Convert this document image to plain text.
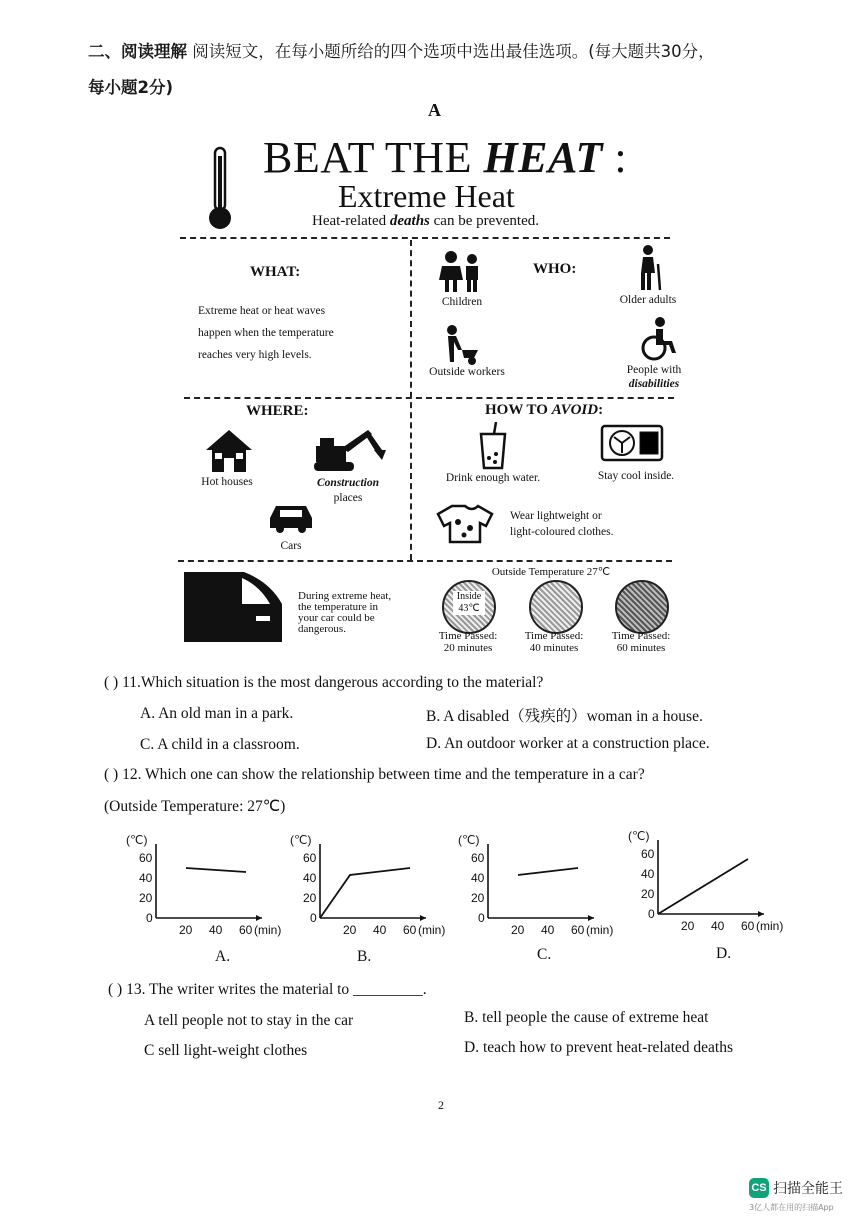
二、阅读理解 阅读短文，在每小题所给的四个选项中选出最佳选项。(每大题共30分，
每小题2分)
A
BEAT THE HEAT :
Extreme Heat
Heat-related deaths can be prevented.
WHAT:
Extreme heat or heat waves
happen when the temperature
reaches very high levels.
WHO:
Children	Older adults
Outside workers	People with
disabilities
WHERE:
Hot houses	Construction
places
Cars
HOW TO AVOID:
Drink enough water.	Stay cool inside.
Wear lightweight or
light-coloured clothes.
During extreme heat,
the temperature in
your car could be
dangerous.
Outside Temperature 27℃
Inside
43℃
Time Passed:
20 minutes
Time Passed:
40 minutes
Time Passed:
60 minutes
( ) 11.Which situation is the most dangerous according to the material?
A. An old man in a park.	B. A disabled（残疾的）woman in a house.
C. A child in a classroom.	D. An outdoor worker at a construction place.
( ) 12. Which one can show the relationship between time and the temperature in a car?
(Outside Temperature: 27℃)
(℃)
0
20
40
60
20 40 60 (min)
(℃)
0
20
40
60
20 40 60 (min)
(℃)
0
20
40
60
20 40 60 (min)
(℃)
0
20
40
60
20 40 60 (min)
A.	B.	C.	D.
( ) 13. The writer writes the material to _________.
A tell people not to stay in the car	B. tell people the cause of extreme heat
C sell light-weight clothes	D. teach how to prevent heat-related deaths
2
CS 扫描全能王
3亿人都在用的扫描App
